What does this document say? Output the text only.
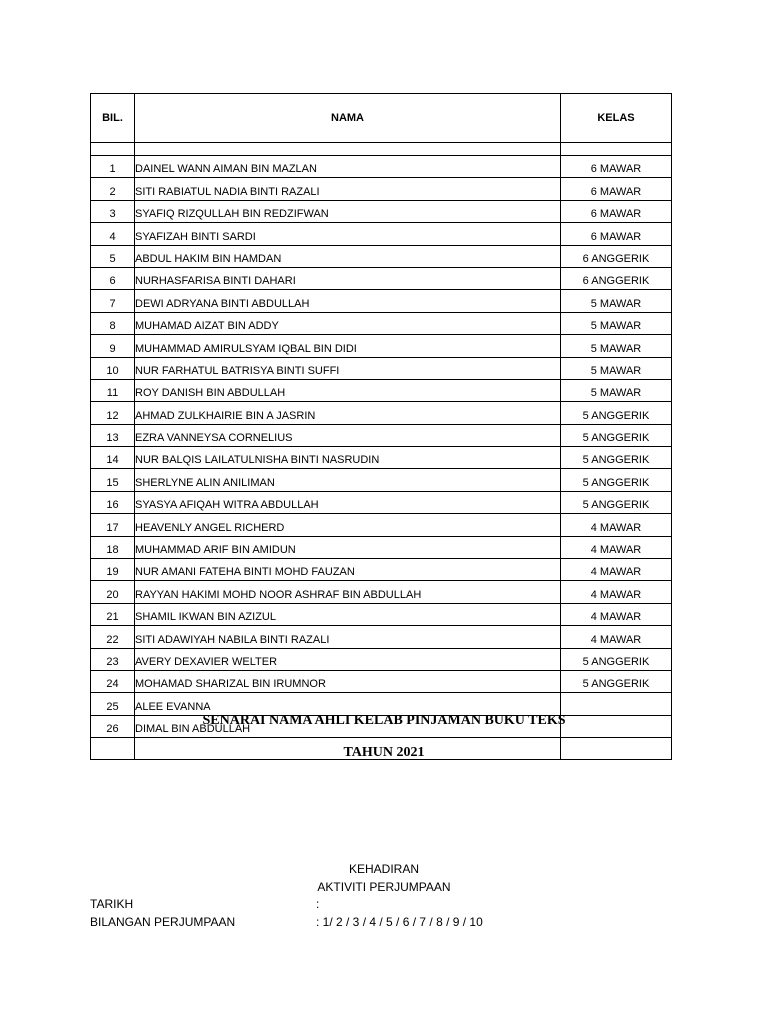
BIL.	NAMA	KELAS

1	DAINEL WANN AIMAN BIN MAZLAN	6 MAWAR
2	SITI RABIATUL NADIA BINTI RAZALI	6 MAWAR
3	SYAFIQ RIZQULLAH BIN REDZIFWAN	6 MAWAR
4	SYAFIZAH BINTI SARDI	6 MAWAR
5	ABDUL HAKIM BIN HAMDAN	6 ANGGERIK
6	NURHASFARISA BINTI DAHARI	6 ANGGERIK
7	DEWI ADRYANA BINTI ABDULLAH	5 MAWAR
8	MUHAMAD AIZAT BIN ADDY	5 MAWAR
9	MUHAMMAD AMIRULSYAM IQBAL BIN DIDI	5 MAWAR
10	NUR FARHATUL BATRISYA BINTI SUFFI	5 MAWAR
11	ROY DANISH BIN ABDULLAH	5 MAWAR
12	AHMAD ZULKHAIRIE BIN A JASRIN	5 ANGGERIK
13	EZRA VANNEYSA CORNELIUS	5 ANGGERIK
14	NUR BALQIS LAILATULNISHA BINTI NASRUDIN	5 ANGGERIK
15	SHERLYNE ALIN ANILIMAN	5 ANGGERIK
16	SYASYA AFIQAH WITRA ABDULLAH	5 ANGGERIK
17	HEAVENLY ANGEL RICHERD	4 MAWAR
18	MUHAMMAD ARIF BIN AMIDUN	4 MAWAR
19	NUR AMANI FATEHA BINTI MOHD FAUZAN	4 MAWAR
20	RAYYAN HAKIMI MOHD NOOR ASHRAF BIN ABDULLAH	4 MAWAR
21	SHAMIL IKWAN BIN AZIZUL	4 MAWAR
22	SITI ADAWIYAH NABILA BINTI RAZALI	4 MAWAR
23	AVERY DEXAVIER WELTER	5 ANGGERIK
24	MOHAMAD SHARIZAL BIN IRUMNOR	5 ANGGERIK
25	ALEE EVANNA	
26	DIMAL BIN ABDULLAH	

SENARAI NAMA AHLI KELAB PINJAMAN BUKU TEKS
TAHUN 2021
KEHADIRAN
AKTIVITI PERJUMPAAN
TARIKH	:
BILANGAN PERJUMPAAN	: 1/ 2 / 3 / 4 / 5 / 6 / 7 / 8 / 9 / 10
